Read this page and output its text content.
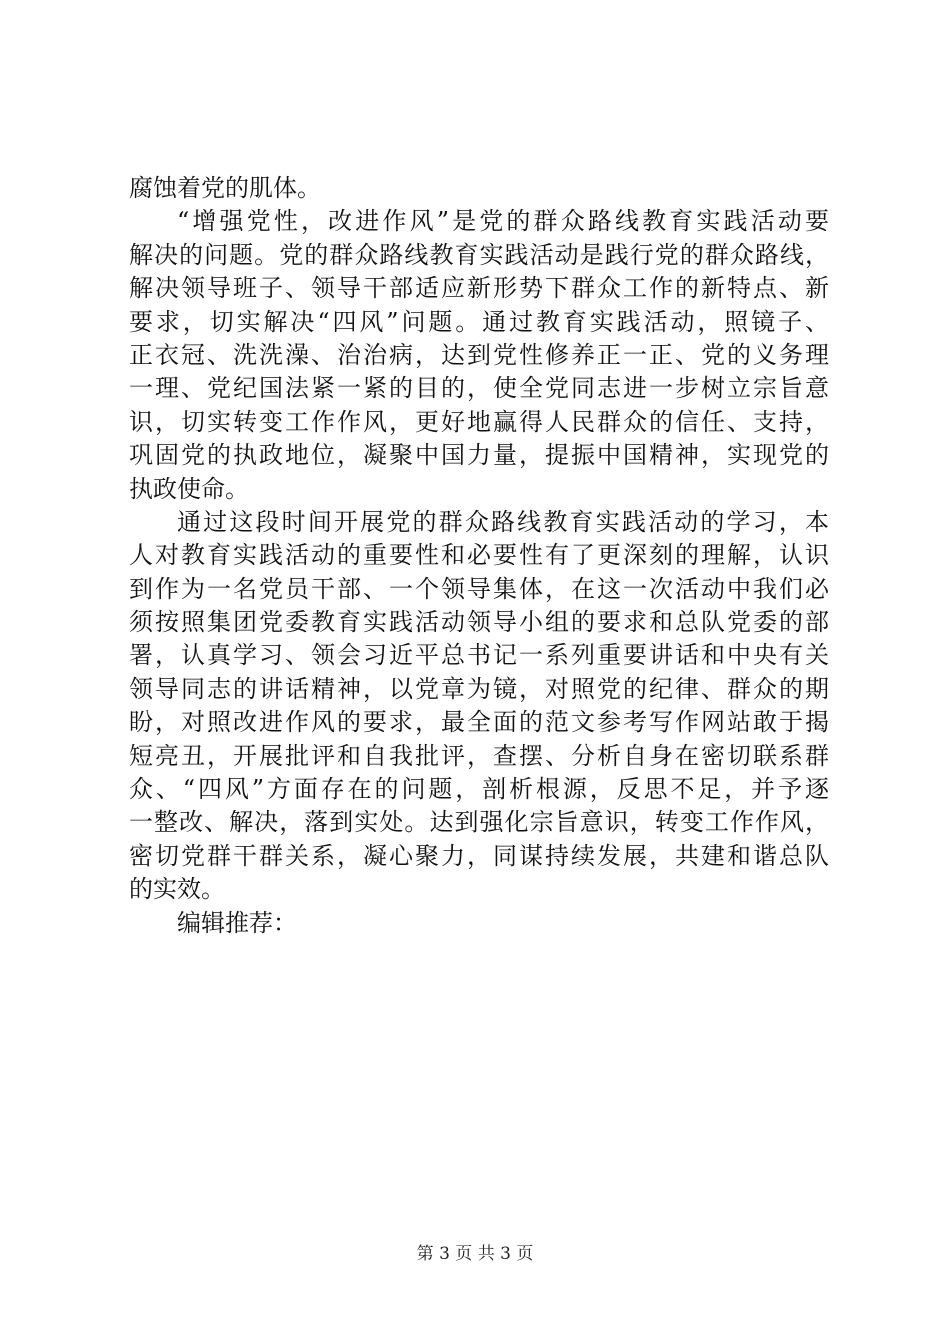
腐蚀着党的肌体。
“增强党性，改进作风”是党的群众路线教育实践活动要
解决的问题。党的群众路线教育实践活动是践行党的群众路线，
解决领导班子、领导干部适应新形势下群众工作的新特点、新
要求，切实解决“四风”问题。通过教育实践活动，照镜子、
正衣冠、洗洗澡、治治病，达到党性修养正一正、党的义务理
一理、党纪国法紧一紧的目的，使全党同志进一步树立宗旨意
识，切实转变工作作风，更好地赢得人民群众的信任、支持，
巩固党的执政地位，凝聚中国力量，提振中国精神，实现党的
执政使命。
通过这段时间开展党的群众路线教育实践活动的学习，本
人对教育实践活动的重要性和必要性有了更深刻的理解，认识
到作为一名党员干部、一个领导集体，在这一次活动中我们必
须按照集团党委教育实践活动领导小组的要求和总队党委的部
署，认真学习、领会习近平总书记一系列重要讲话和中央有关
领导同志的讲话精神，以党章为镜，对照党的纪律、群众的期
盼，对照改进作风的要求，最全面的范文参考写作网站敢于揭
短亮丑，开展批评和自我批评，查摆、分析自身在密切联系群
众、“四风”方面存在的问题，剖析根源，反思不足，并予逐
一整改、解决，落到实处。达到强化宗旨意识，转变工作作风，
密切党群干群关系，凝心聚力，同谋持续发展，共建和谐总队
的实效。
编辑推荐：
第 3 页 共 3 页
